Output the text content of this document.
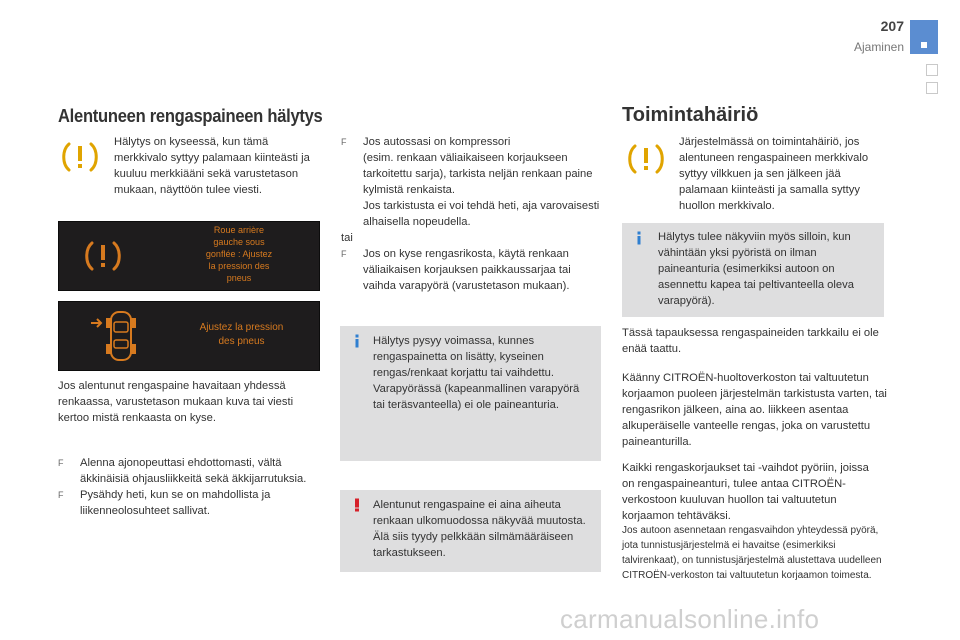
207
Ajaminen
Alentuneen rengaspaineen hälytys

Hälytys on kyseessä, kun tämä merkkivalo syttyy palamaan kiinteästi ja kuuluu merkkiääni sekä varustetason mukaan, näyttöön tulee viesti.

Roue arrière
gauche sous
gonflée : Ajustez
la pression des
pneus
Ajustez la pression
des pneus

Jos alentunut rengaspaine havaitaan yhdessä renkaassa, varustetason mukaan kuva tai viesti kertoo mistä renkaasta on kyse.

F Alenna ajonopeuttasi ehdottomasti, vältä äkkinäisiä ohjausliikkeitä sekä äkkijarrutuksia.
F Pysähdy heti, kun se on mahdollista ja liikenneolosuhteet sallivat.
F Jos autossasi on kompressori
(esim. renkaan väliaikaiseen korjaukseen tarkoitettu sarja), tarkista neljän renkaan paine kylmistä renkaista.
Jos tarkistusta ei voi tehdä heti, aja varovaisesti alhaisella nopeudella.
tai
F Jos on kyse rengasrikosta, käytä renkaan väliaikaisen korjauksen paikkaussarjaa tai vaihda varapyörä (varustetason mukaan).
Hälytys pysyy voimassa, kunnes rengaspainetta on lisätty, kyseinen rengas/renkaat korjattu tai vaihdettu. Varapyörässä (kapeanmallinen varapyörä tai teräsvanteella) ei ole paineanturia.
Alentunut rengaspaine ei aina aiheuta renkaan ulkomuodossa näkyvää muutosta. Älä siis tyydy pelkkään silmämääräiseen tarkastukseen.
Toimintahäiriö

Järjestelmässä on toimintahäiriö, jos alentuneen rengaspaineen merkkivalo syttyy vilkkuen ja sen jälkeen jää palamaan kiinteästi ja samalla syttyy huollon merkkivalo.

Hälytys tulee näkyviin myös silloin, kun vähintään yksi pyöristä on ilman paineanturia (esimerkiksi autoon on asennettu kapea tai peltivanteella oleva varapyörä).

Tässä tapauksessa rengaspaineiden tarkkailu ei ole enää taattu.

Käänny CITROËN-huoltoverkoston tai valtuutetun korjaamon puoleen järjestelmän tarkistusta varten, tai rengasrikon jälkeen, aina ao. liikkeen asentaa alkuperäiselle vanteelle rengas, joka on varustettu paineanturilla.

Kaikki rengaskorjaukset tai -vaihdot pyöriin, joissa on rengaspaineanturi, tulee antaa CITROËN-verkostoon kuuluvan huollon tai valtuutetun korjaamon tehtäväksi.

Jos autoon asennetaan rengasvaihdon yhteydessä pyörä, jota tunnistusjärjestelmä ei havaitse (esimerkiksi talvirenkaat), on tunnistusjärjestelmä alustettava uudelleen CITROËN-verkoston tai valtuutetun korjaamon toimesta.

carmanualsonline.info
